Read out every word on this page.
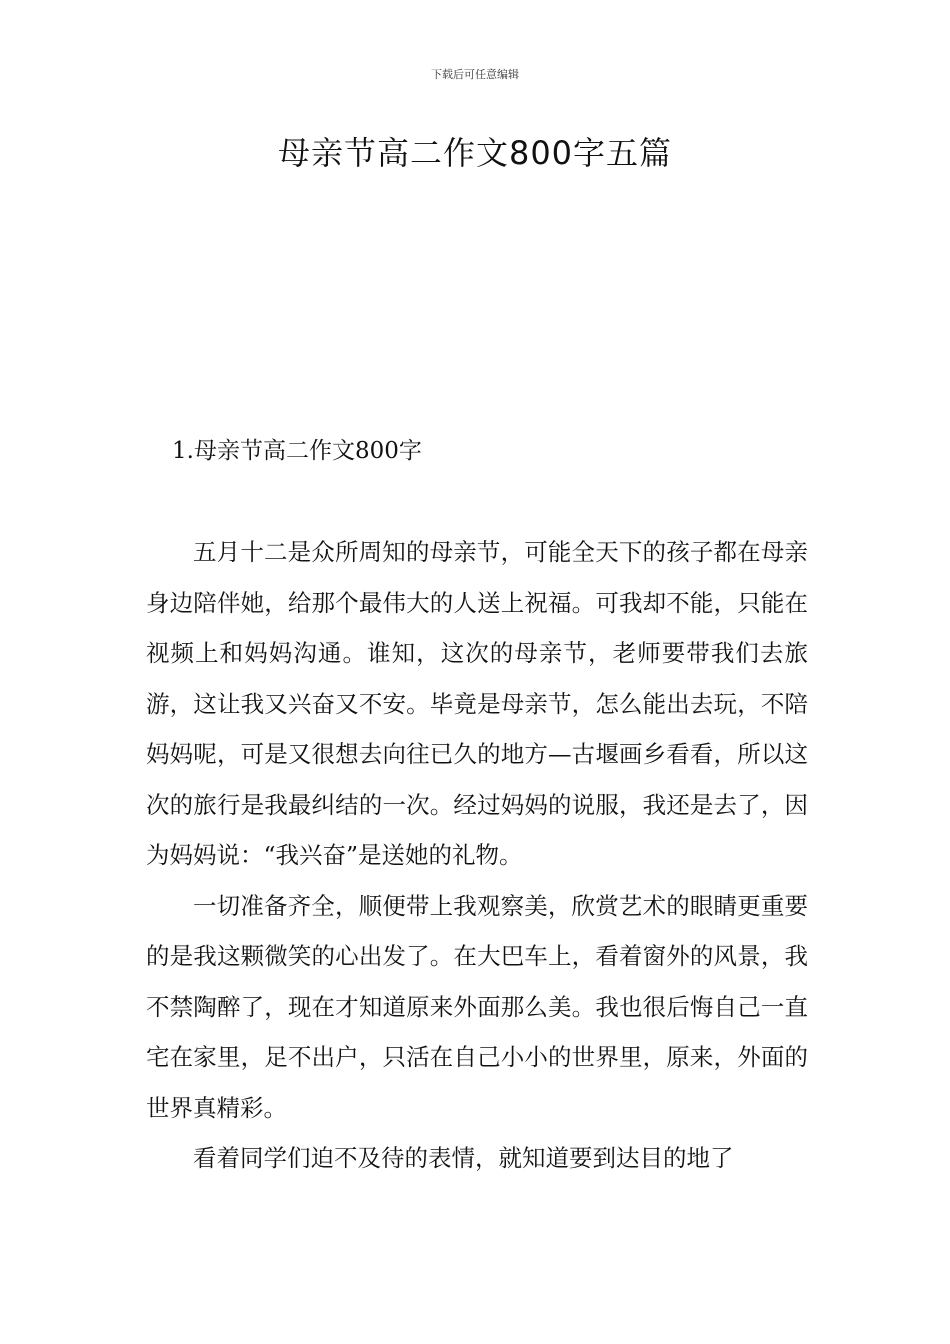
下载后可任意编辑
母亲节高二作文800字五篇
1.母亲节高二作文800字

五月十二是众所周知的母亲节，可能全天下的孩子都在母亲身边陪伴她，给那个最伟大的人送上祝福。可我却不能，只能在视频上和妈妈沟通。谁知，这次的母亲节，老师要带我们去旅游，这让我又兴奋又不安。毕竟是母亲节，怎么能出去玩，不陪妈妈呢，可是又很想去向往已久的地方—古堰画乡看看，所以这次的旅行是我最纠结的一次。经过妈妈的说服，我还是去了，因为妈妈说：“我兴奋”是送她的礼物。

一切准备齐全，顺便带上我观察美，欣赏艺术的眼睛更重要的是我这颗微笑的心出发了。在大巴车上，看着窗外的风景，我不禁陶醉了，现在才知道原来外面那么美。我也很后悔自己一直宅在家里，足不出户，只活在自己小小的世界里，原来，外面的世界真精彩。

看着同学们迫不及待的表情，就知道要到达目的地了
